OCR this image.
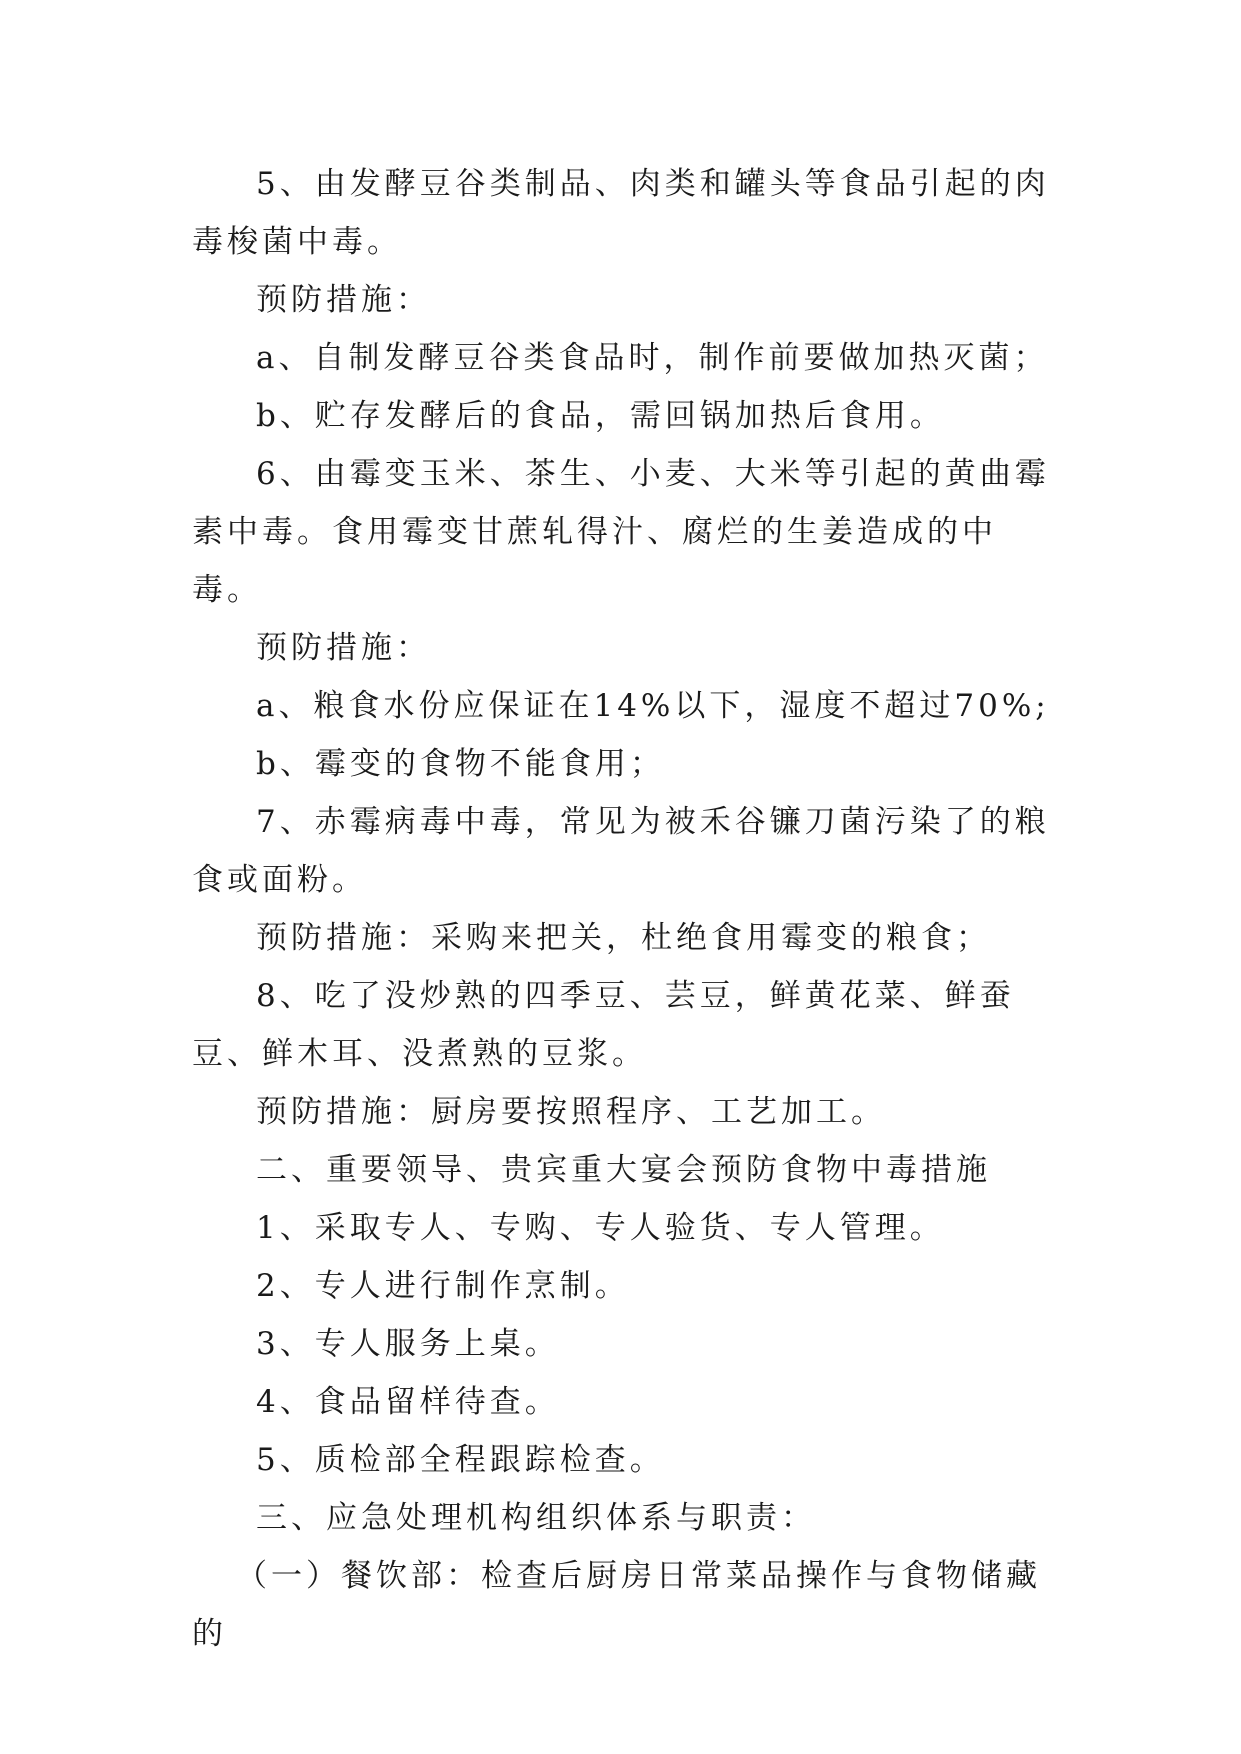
5、由发酵豆谷类制品、肉类和罐头等食品引起的肉毒梭菌中毒。

预防措施：

a、自制发酵豆谷类食品时，制作前要做加热灭菌；

b、贮存发酵后的食品，需回锅加热后食用。

6、由霉变玉米、茶生、小麦、大米等引起的黄曲霉素中毒。食用霉变甘蔗轧得汁、腐烂的生姜造成的中毒。

预防措施：

a、粮食水份应保证在14%以下，湿度不超过70%;

b、霉变的食物不能食用；

7、赤霉病毒中毒，常见为被禾谷镰刀菌污染了的粮食或面粉。

预防措施：采购来把关，杜绝食用霉变的粮食；

8、吃了没炒熟的四季豆、芸豆，鲜黄花菜、鲜蚕豆、鲜木耳、没煮熟的豆浆。

预防措施：厨房要按照程序、工艺加工。

二、重要领导、贵宾重大宴会预防食物中毒措施

1、采取专人、专购、专人验货、专人管理。

2、专人进行制作烹制。

3、专人服务上桌。

4、食品留样待查。

5、质检部全程跟踪检查。

三、应急处理机构组织体系与职责：

（一）餐饮部：检查后厨房日常菜品操作与食物储藏的
